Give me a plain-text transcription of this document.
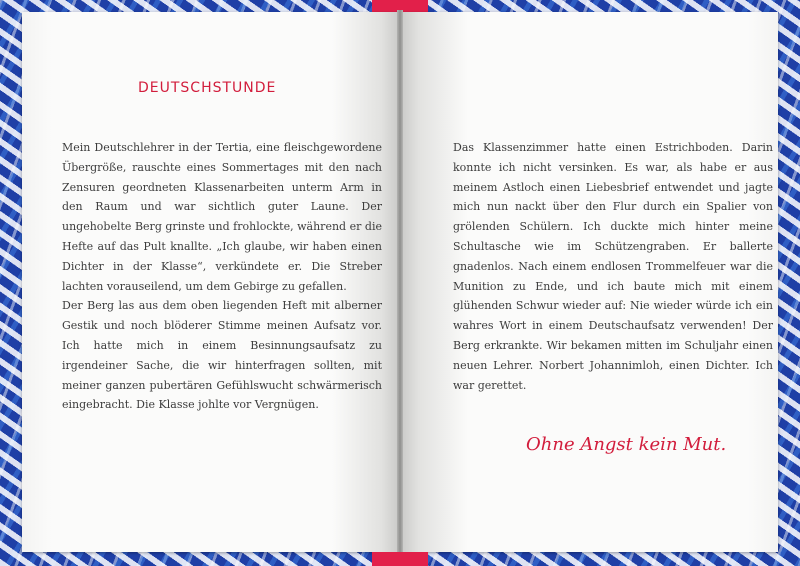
DEUTSCHSTUNDE

Mein Deutschlehrer in der Tertia, eine fleischgewordene Übergröße, rauschte eines Sommertages mit den nach Zensuren geordneten Klassenarbeiten unterm Arm in den Raum und war sichtlich guter Laune. Der ungehobelte Berg grinste und frohlockte, während er die Hefte auf das Pult knallte. „Ich glaube, wir haben einen Dichter in der Klasse“, verkündete er. Die Streber lachten vorauseilend, um dem Gebirge zu gefallen.

Der Berg las aus dem oben liegenden Heft mit alberner Gestik und noch blöderer Stimme meinen Aufsatz vor. Ich hatte mich in einem Besinnungsaufsatz zu irgendeiner Sache, die wir hinterfragen sollten, mit meiner ganzen pubertären Gefühlswucht schwärmerisch eingebracht. Die Klasse johlte vor Vergnügen.

Das Klassenzimmer hatte einen Estrichboden. Darin konnte ich nicht versinken. Es war, als habe er aus meinem Astloch einen Liebesbrief entwendet und jagte mich nun nackt über den Flur durch ein Spalier von grölenden Schülern. Ich duckte mich hinter meine Schultasche wie im Schützengraben. Er ballerte gnadenlos. Nach einem endlosen Trommelfeuer war die Munition zu Ende, und ich baute mich mit einem glühenden Schwur wieder auf: Nie wieder würde ich ein wahres Wort in einem Deutschaufsatz verwenden! Der Berg erkrankte. Wir bekamen mitten im Schuljahr einen neuen Lehrer. Norbert Johannimloh, einen Dichter. Ich war gerettet.

Ohne Angst kein Mut.
